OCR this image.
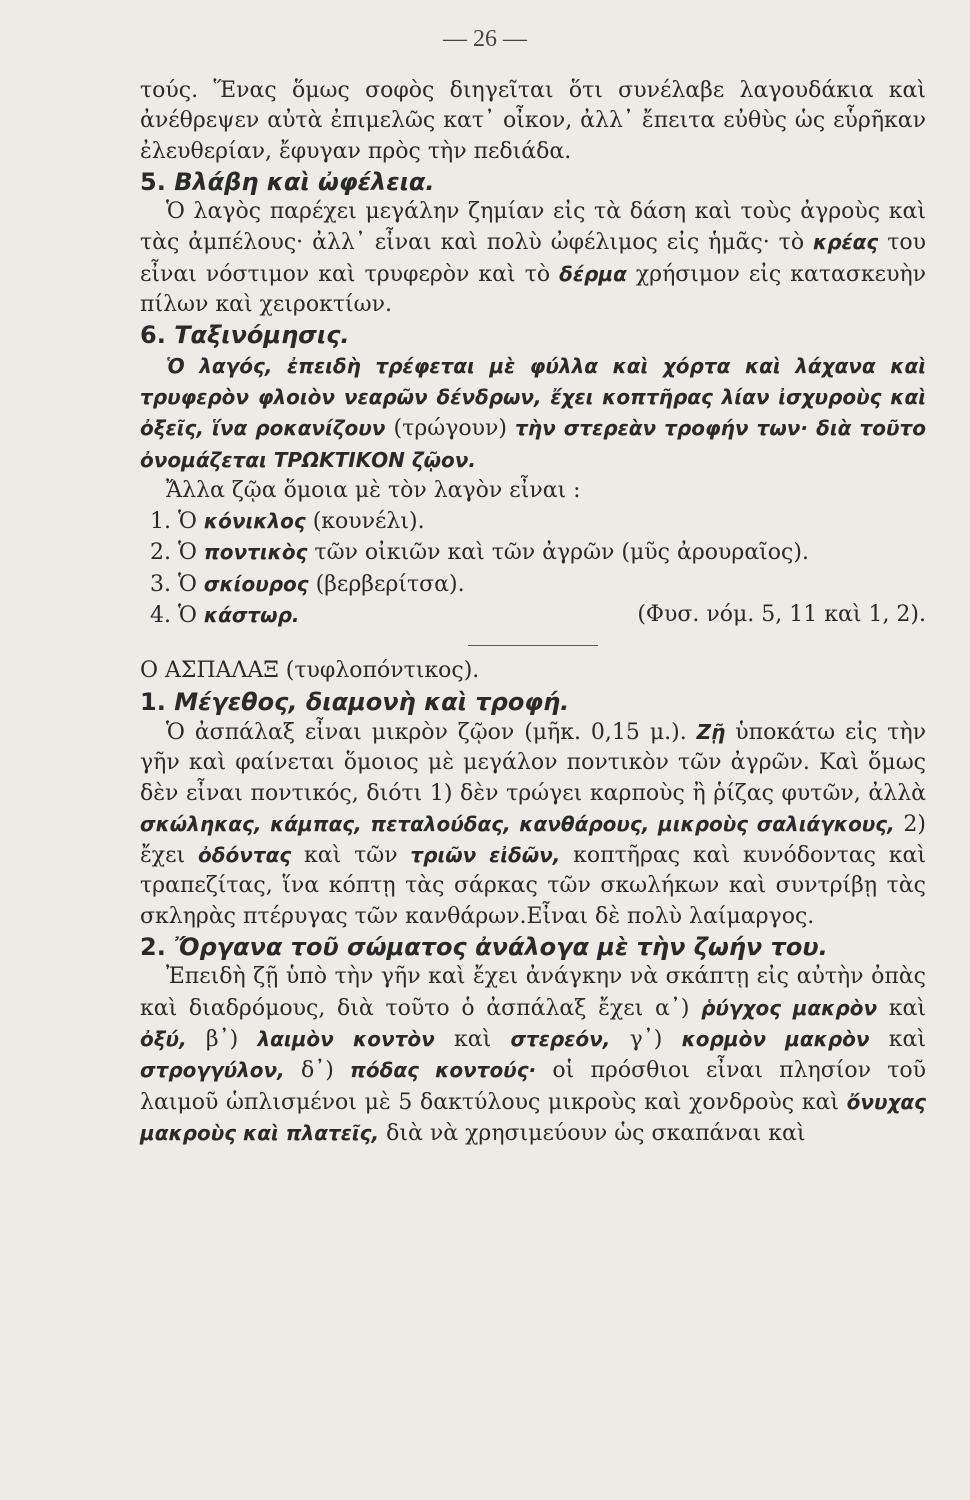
— 26 —

τούς. Ἕνας ὅμως σοφὸς διηγεῖται ὅτι συνέλαβε λαγουδάκια καὶ ἀνέθρεψεν αὐτὰ ἐπιμελῶς κατ᾿ οἶκον, ἀλλ᾿ ἔπειτα εὐθὺς ὡς εὗρῆκαν ἐλευθερίαν, ἔφυγαν πρὸς τὴν πεδιάδα.

5. Βλάβη καὶ ὠφέλεια.

Ὁ λαγὸς παρέχει μεγάλην ζημίαν εἰς τὰ δάση καὶ τοὺς ἀγροὺς καὶ τὰς ἀμπέλους· ἀλλ᾿ εἶναι καὶ πολὺ ὠφέλιμος εἰς ἡμᾶς· τὸ κρέας του εἶναι νόστιμον καὶ τρυφερὸν καὶ τὸ δέρμα χρήσιμον εἰς κατασκευὴν πίλων καὶ χειροκτίων.

6. Ταξινόμησις.

Ὁ λαγός, ἐπειδὴ τρέφεται μὲ φύλλα καὶ χόρτα καὶ λάχανα καὶ τρυφερὸν φλοιὸν νεαρῶν δένδρων, ἔχει κοπτῆρας λίαν ἰσχυροὺς καὶ ὀξεῖς, ἵνα ροκανίζουν (τρώγουν) τὴν στερεὰν τροφήν των· διὰ τοῦτο ὀνομάζεται ΤΡΩΚΤΙΚΟΝ ζῷον.

Ἄλλα ζῷα ὅμοια μὲ τὸν λαγὸν εἶναι :

1. Ὁ κόνικλος (κουνέλι).
2. Ὁ ποντικὸς τῶν οἰκιῶν καὶ τῶν ἀγρῶν (μῦς ἀρουραῖος).
3. Ὁ σκίουρος (βερβερίτσα).
4. Ὁ κάστωρ.	(Φυσ. νόμ. 5, 11 καὶ 1, 2).

Ο ΑΣΠΑΛΑΞ (τυφλοπόντικος).

1. Μέγεθος, διαμονὴ καὶ τροφή.

Ὁ ἀσπάλαξ εἶναι μικρὸν ζῷον (μῆκ. 0,15 μ.). Ζῇ ὑποκάτω εἰς τὴν γῆν καὶ φαίνεται ὅμοιος μὲ μεγάλον ποντικὸν τῶν ἀγρῶν. Καὶ ὅμως δὲν εἶναι ποντικός, διότι 1) δὲν τρώγει καρποὺς ἢ ῥίζας φυτῶν, ἀλλὰ σκώληκας, κάμπας, πεταλούδας, κανθάρους, μικροὺς σαλιάγκους, 2) ἔχει ὀδόντας καὶ τῶν τριῶν εἰδῶν, κοπτῆρας καὶ κυνόδοντας καὶ τραπεζίτας, ἵνα κόπτῃ τὰς σάρκας τῶν σκωλήκων καὶ συντρίβῃ τὰς σκληρὰς πτέρυγας τῶν κανθάρων.Εἶναι δὲ πολὺ λαίμαργος.

2. Ὄργανα τοῦ σώματος ἀνάλογα μὲ τὴν ζωήν του.

Ἐπειδὴ ζῇ ὑπὸ τὴν γῆν καὶ ἔχει ἀνάγκην νὰ σκάπτῃ εἰς αὐτὴν ὀπὰς καὶ διαδρόμους, διὰ τοῦτο ὁ ἀσπάλαξ ἔχει α᾿) ῥύγχος μακρὸν καὶ ὀξύ, β᾿) λαιμὸν κοντὸν καὶ στερεόν, γ᾿) κορμὸν μακρὸν καὶ στρογγύλον, δ᾿) πόδας κοντούς· οἱ πρόσθιοι εἶναι πλησίον τοῦ λαιμοῦ ὡπλισμένοι μὲ 5 δακτύλους μικροὺς καὶ χονδροὺς καὶ ὄνυχας μακροὺς καὶ πλατεῖς, διὰ νὰ χρησιμεύουν ὡς σκαπάναι καὶ
